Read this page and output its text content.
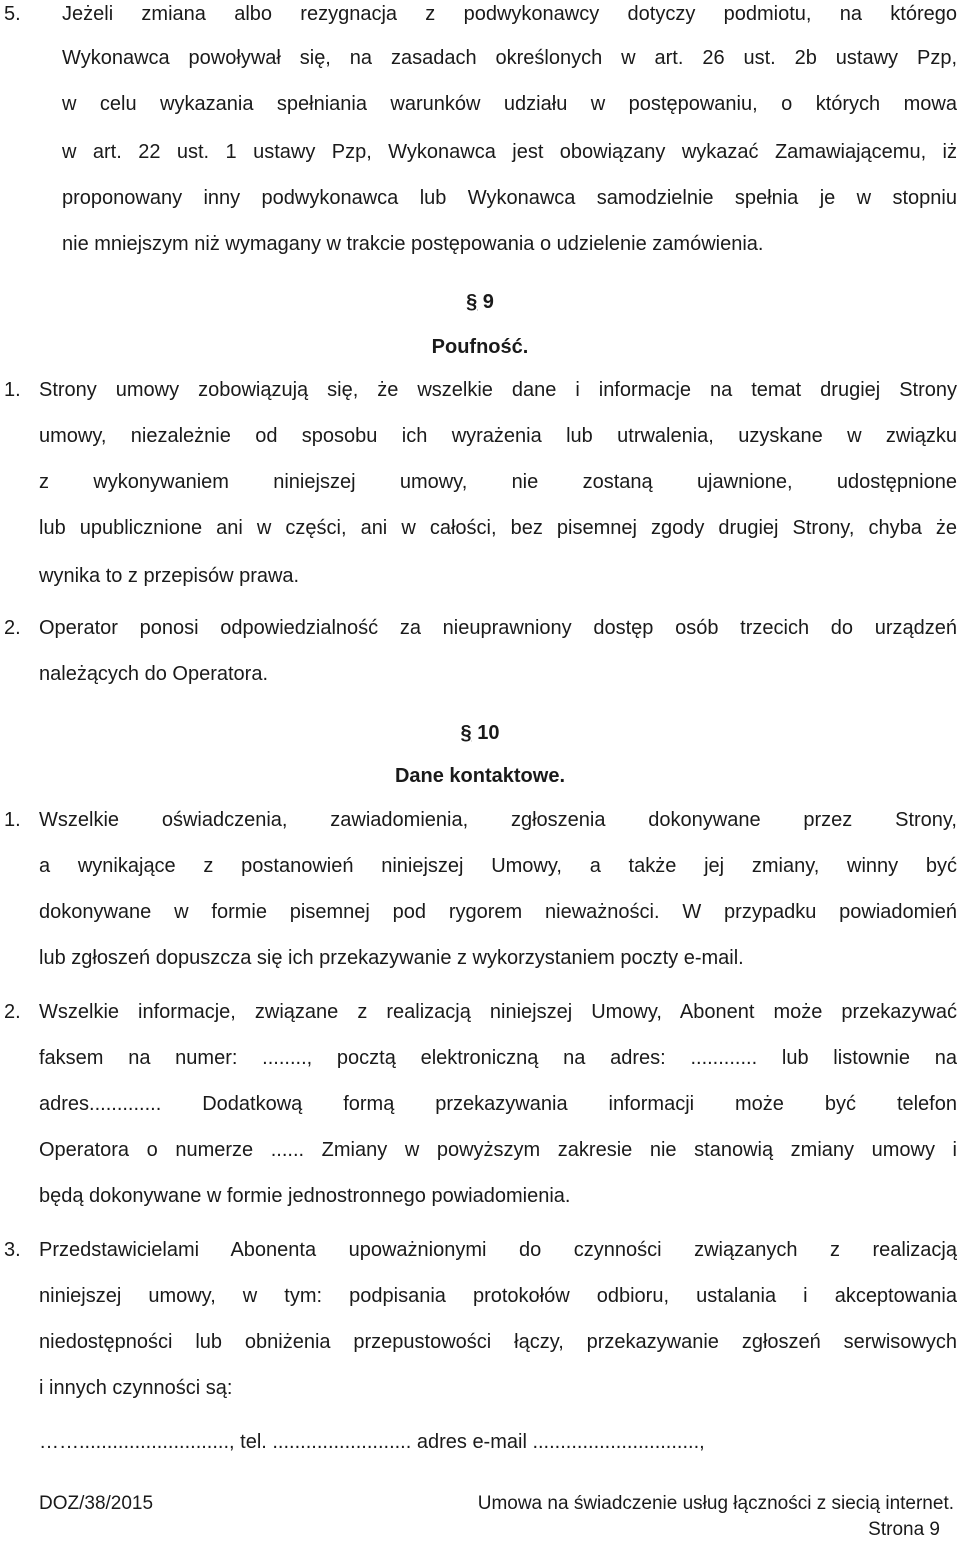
5. Jeżeli zmiana albo rezygnacja z podwykonawcy dotyczy podmiotu, na którego
Wykonawca powoływał się, na zasadach określonych w art. 26 ust. 2b ustawy Pzp,
w celu wykazania spełniania warunków udziału w postępowaniu, o których mowa
w art. 22 ust. 1 ustawy Pzp, Wykonawca jest obowiązany wykazać Zamawiającemu, iż
proponowany inny podwykonawca lub Wykonawca samodzielnie spełnia je w stopniu
nie mniejszym niż wymagany w trakcie postępowania o udzielenie zamówienia.
§ 9
Poufność.
1. Strony umowy zobowiązują się, że wszelkie dane i informacje na temat drugiej Strony
umowy, niezależnie od sposobu ich wyrażenia lub utrwalenia, uzyskane w związku
z wykonywaniem niniejszej umowy, nie zostaną ujawnione, udostępnione
lub upublicznione ani w części, ani w całości, bez pisemnej zgody drugiej Strony, chyba że
wynika to z przepisów prawa.
2. Operator ponosi odpowiedzialność za nieuprawniony dostęp osób trzecich do urządzeń
należących do Operatora.
§ 10
Dane kontaktowe.
1. Wszelkie oświadczenia, zawiadomienia, zgłoszenia dokonywane przez Strony,
a wynikające z postanowień niniejszej Umowy, a także jej zmiany, winny być
dokonywane w formie pisemnej pod rygorem nieważności. W przypadku powiadomień
lub zgłoszeń dopuszcza się ich przekazywanie z wykorzystaniem poczty e-mail.
2. Wszelkie informacje, związane z realizacją niniejszej Umowy, Abonent może przekazywać
faksem na numer: ........, pocztą elektroniczną na adres: ............ lub listownie na
adres............. Dodatkową formą przekazywania informacji może być telefon
Operatora o numerze ...... Zmiany w powyższym zakresie nie stanowią zmiany umowy i
będą dokonywane w formie jednostronnego powiadomienia.
3. Przedstawicielami Abonenta upoważnionymi do czynności związanych z realizacją
niniejszej umowy, w tym: podpisania protokołów odbioru, ustalania i akceptowania
niedostępności lub obniżenia przepustowości łączy, przekazywanie zgłoszeń serwisowych
i innych czynności są:
……..........................., tel. ......................... adres e-mail ..............................,
DOZ/38/2015	Umowa na świadczenie usług łączności z siecią internet.
Strona 9
